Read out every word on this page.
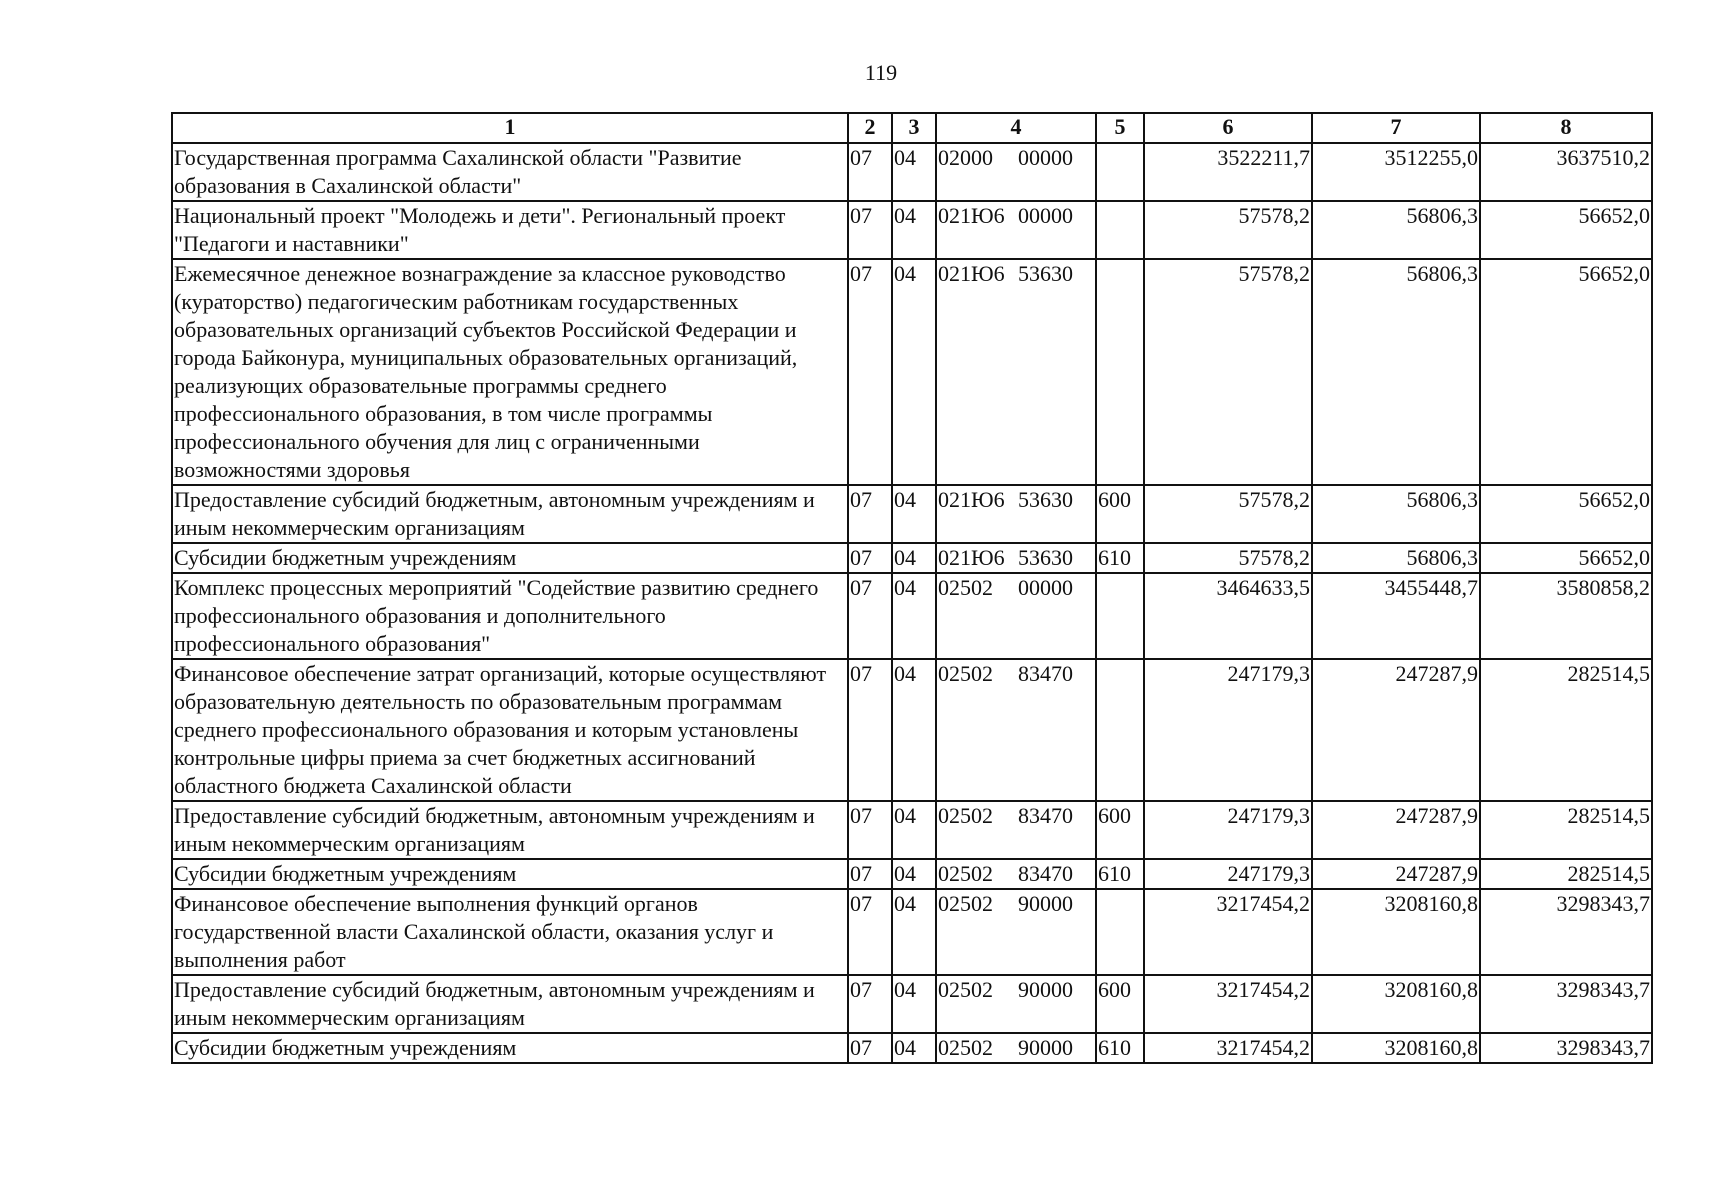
119
1	2	3	4	5	6	7	8
Государственная программа Сахалинской области "Развитие образования в Сахалинской области"	07	04	02000 00000		3522211,7	3512255,0	3637510,2
Национальный проект "Молодежь и дети". Региональный проект "Педагоги и наставники"	07	04	021Ю6 00000		57578,2	56806,3	56652,0
Ежемесячное денежное вознаграждение за классное руководство (кураторство) педагогическим работникам государственных образовательных организаций субъектов Российской Федерации и города Байконура, муниципальных образовательных организаций, реализующих образовательные программы среднего профессионального образования, в том числе программы профессионального обучения для лиц с ограниченными возможностями здоровья	07	04	021Ю6 53630		57578,2	56806,3	56652,0
Предоставление субсидий бюджетным, автономным учреждениям и иным некоммерческим организациям	07	04	021Ю6 53630	600	57578,2	56806,3	56652,0
Субсидии бюджетным учреждениям	07	04	021Ю6 53630	610	57578,2	56806,3	56652,0
Комплекс процессных мероприятий "Содействие развитию среднего профессионального образования и дополнительного профессионального образования"	07	04	02502 00000		3464633,5	3455448,7	3580858,2
Финансовое обеспечение затрат организаций, которые осуществляют образовательную деятельность по образовательным программам среднего профессионального образования и которым установлены контрольные цифры приема за счет бюджетных ассигнований областного бюджета Сахалинской области	07	04	02502 83470		247179,3	247287,9	282514,5
Предоставление субсидий бюджетным, автономным учреждениям и иным некоммерческим организациям	07	04	02502 83470	600	247179,3	247287,9	282514,5
Субсидии бюджетным учреждениям	07	04	02502 83470	610	247179,3	247287,9	282514,5
Финансовое обеспечение выполнения функций органов государственной власти Сахалинской области, оказания услуг и выполнения работ	07	04	02502 90000		3217454,2	3208160,8	3298343,7
Предоставление субсидий бюджетным, автономным учреждениям и иным некоммерческим организациям	07	04	02502 90000	600	3217454,2	3208160,8	3298343,7
Субсидии бюджетным учреждениям	07	04	02502 90000	610	3217454,2	3208160,8	3298343,7
